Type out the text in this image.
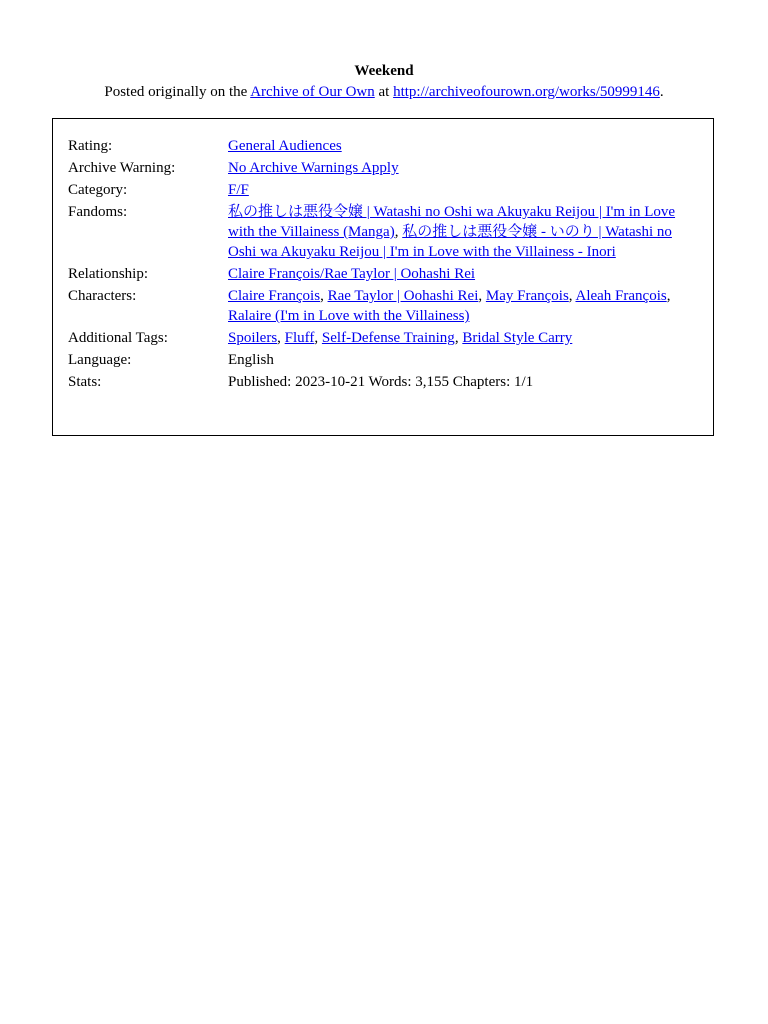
Weekend

Posted originally on the Archive of Our Own at http://archiveofourown.org/works/50999146.

Rating:	General Audiences
Archive Warning:	No Archive Warnings Apply
Category:	F/F
Fandoms:	私の推しは悪役令嬢 | Watashi no Oshi wa Akuyaku Reijou | I'm in Love with the Villainess (Manga), 私の推しは悪役令嬢 - いのり | Watashi no Oshi wa Akuyaku Reijou | I'm in Love with the Villainess - Inori
Relationship:	Claire François/Rae Taylor | Oohashi Rei
Characters:	Claire François, Rae Taylor | Oohashi Rei, May François, Aleah François, Ralaire (I'm in Love with the Villainess)
Additional Tags:	Spoilers, Fluff, Self-Defense Training, Bridal Style Carry
Language:	English
Stats:	Published: 2023-10-21 Words: 3,155 Chapters: 1/1
